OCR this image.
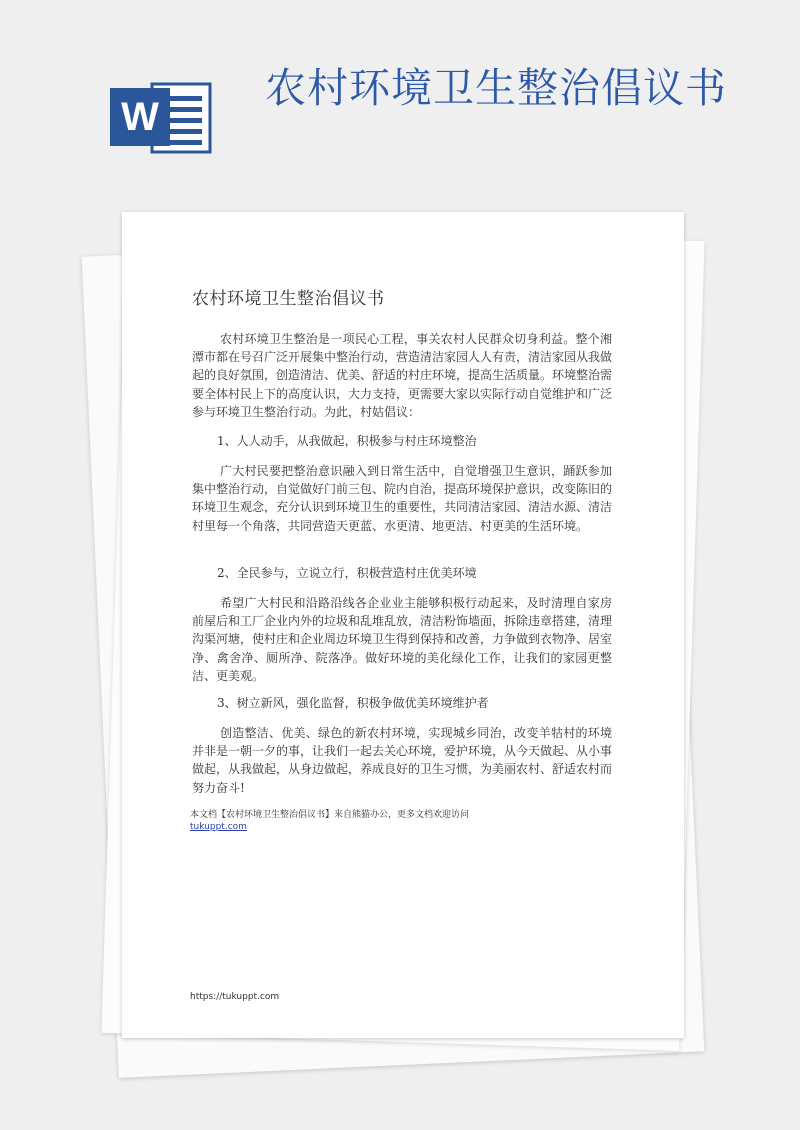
W
农村环境卫生整治倡议书
农村环境卫生整治倡议书

农村环境卫生整治是一项民心工程，事关农村人民群众切身利益。整个湘潭市都在号召广泛开展集中整治行动，营造清洁家园人人有责，清洁家园从我做起的良好氛围，创造清洁、优美、舒适的村庄环境，提高生活质量。环境整治需要全体村民上下的高度认识，大力支持，更需要大家以实际行动自觉维护和广泛参与环境卫生整治行动。为此，村姑倡议：

1、人人动手，从我做起，积极参与村庄环境整治

广大村民要把整治意识融入到日常生活中，自觉增强卫生意识，踊跃参加集中整治行动，自觉做好门前三包、院内自治，提高环境保护意识，改变陈旧的环境卫生观念，充分认识到环境卫生的重要性，共同清洁家园、清洁水源、清洁村里每一个角落，共同营造天更蓝、水更清、地更洁、村更美的生活环境。

2、全民参与，立说立行，积极营造村庄优美环境

希望广大村民和沿路沿线各企业业主能够积极行动起来，及时清理自家房前屋后和工厂企业内外的垃圾和乱堆乱放，清洁粉饰墙面，拆除违章搭建，清理沟渠河塘，使村庄和企业周边环境卫生得到保持和改善，力争做到衣物净、居室净、禽舍净、厕所净、院落净。做好环境的美化绿化工作，让我们的家园更整洁、更美观。

3、树立新风，强化监督，积极争做优美环境维护者

创造整洁、优美、绿色的新农村环境，实现城乡同治，改变羊牯村的环境并非是一朝一夕的事，让我们一起去关心环境，爱护环境，从今天做起、从小事做起，从我做起，从身边做起，养成良好的卫生习惯，为美丽农村、舒适农村而努力奋斗!

本文档【农村环境卫生整治倡议书】来自熊猫办公，更多文档欢迎访问
tukuppt.com
https://tukuppt.com
